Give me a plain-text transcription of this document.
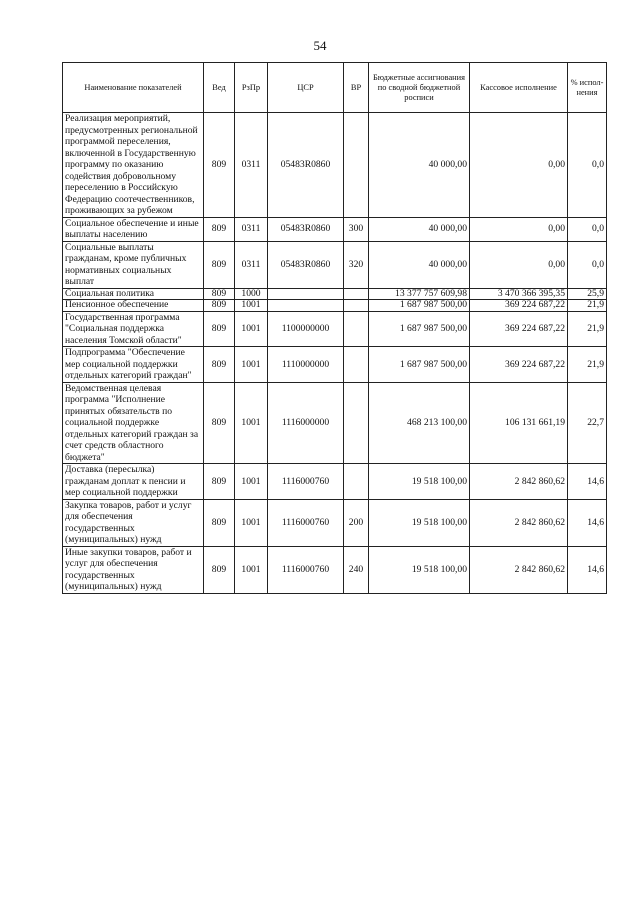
54
Наименование показателей	Вед	РзПр	ЦСР	ВР	Бюджетные ассигнования по сводной бюджетной росписи	Кассовое исполнение	% испол-нения
Реализация мероприятий, предусмотренных региональной программой переселения, включенной в Государственную программу по оказанию содействия добровольному переселению в Российскую Федерацию соотечественников, проживающих за рубежом	809	0311	05483R0860		40 000,00	0,00	0,0
Социальное обеспечение и иные выплаты населению	809	0311	05483R0860	300	40 000,00	0,00	0,0
Социальные выплаты гражданам, кроме публичных нормативных социальных выплат	809	0311	05483R0860	320	40 000,00	0,00	0,0
Социальная политика	809	1000			13 377 757 609,98	3 470 366 395,35	25,9
Пенсионное обеспечение	809	1001			1 687 987 500,00	369 224 687,22	21,9
Государственная программа "Социальная поддержка населения Томской области"	809	1001	1100000000		1 687 987 500,00	369 224 687,22	21,9
Подпрограмма "Обеспечение мер социальной поддержки отдельных категорий граждан"	809	1001	1110000000		1 687 987 500,00	369 224 687,22	21,9
Ведомственная целевая программа "Исполнение принятых обязательств по социальной поддержке отдельных категорий граждан за счет средств областного бюджета"	809	1001	1116000000		468 213 100,00	106 131 661,19	22,7
Доставка (пересылка) гражданам доплат к пенсии и мер социальной поддержки	809	1001	1116000760		19 518 100,00	2 842 860,62	14,6
Закупка товаров, работ и услуг для обеспечения государственных (муниципальных) нужд	809	1001	1116000760	200	19 518 100,00	2 842 860,62	14,6
Иные закупки товаров, работ и услуг для обеспечения государственных (муниципальных) нужд	809	1001	1116000760	240	19 518 100,00	2 842 860,62	14,6
